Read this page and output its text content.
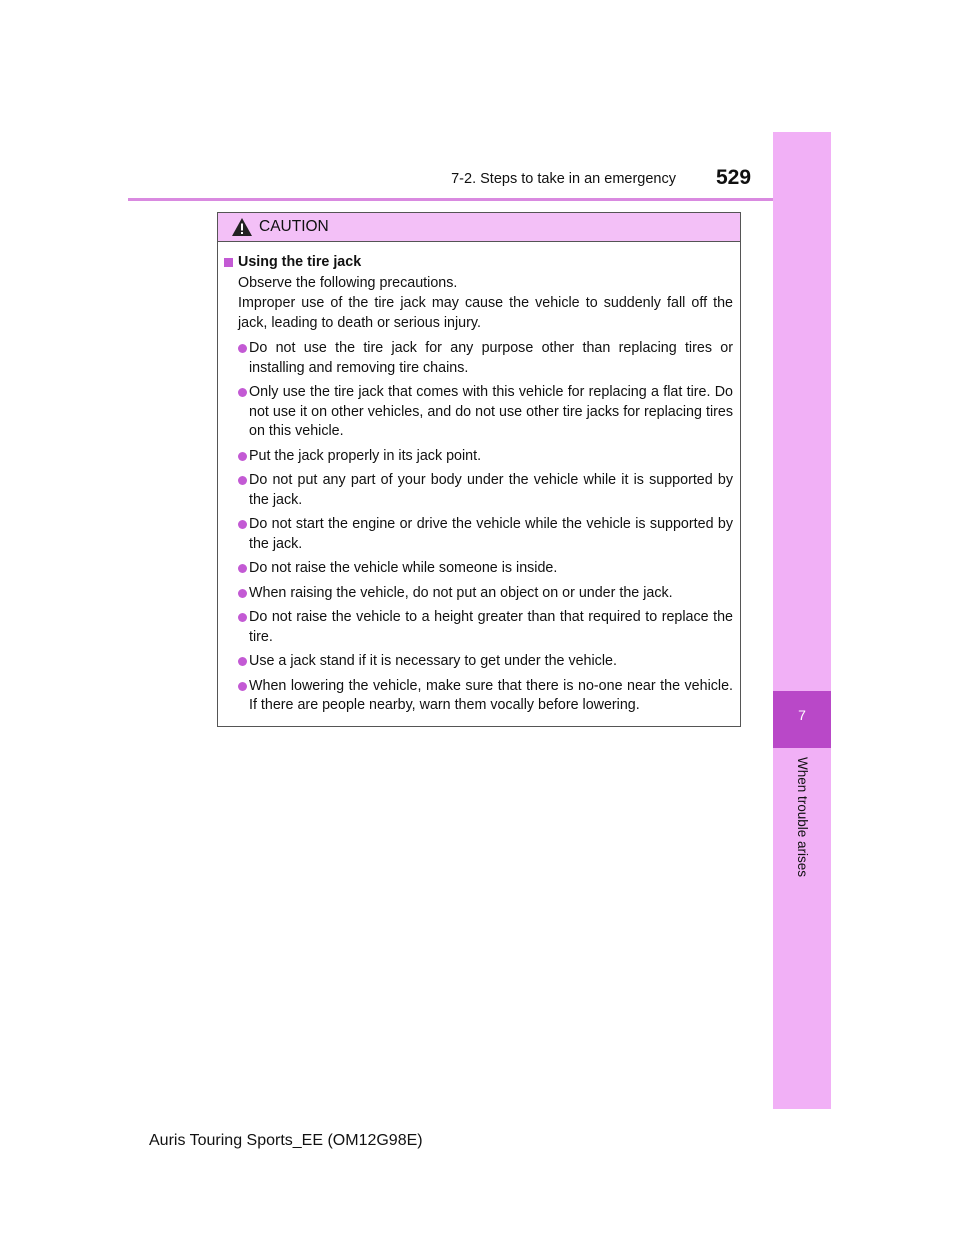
7-2. Steps to take in an emergency 529
7
When trouble arises
CAUTION
Using the tire jack
Observe the following precautions.
Improper use of the tire jack may cause the vehicle to suddenly fall off the jack, leading to death or serious injury.
Do not use the tire jack for any purpose other than replacing tires or installing and removing tire chains.
Only use the tire jack that comes with this vehicle for replacing a flat tire. Do not use it on other vehicles, and do not use other tire jacks for replacing tires on this vehicle.
Put the jack properly in its jack point.
Do not put any part of your body under the vehicle while it is supported by the jack.
Do not start the engine or drive the vehicle while the vehicle is supported by the jack.
Do not raise the vehicle while someone is inside.
When raising the vehicle, do not put an object on or under the jack.
Do not raise the vehicle to a height greater than that required to replace the tire.
Use a jack stand if it is necessary to get under the vehicle.
When lowering the vehicle, make sure that there is no-one near the vehicle. If there are people nearby, warn them vocally before lowering.
Auris Touring Sports_EE (OM12G98E)
